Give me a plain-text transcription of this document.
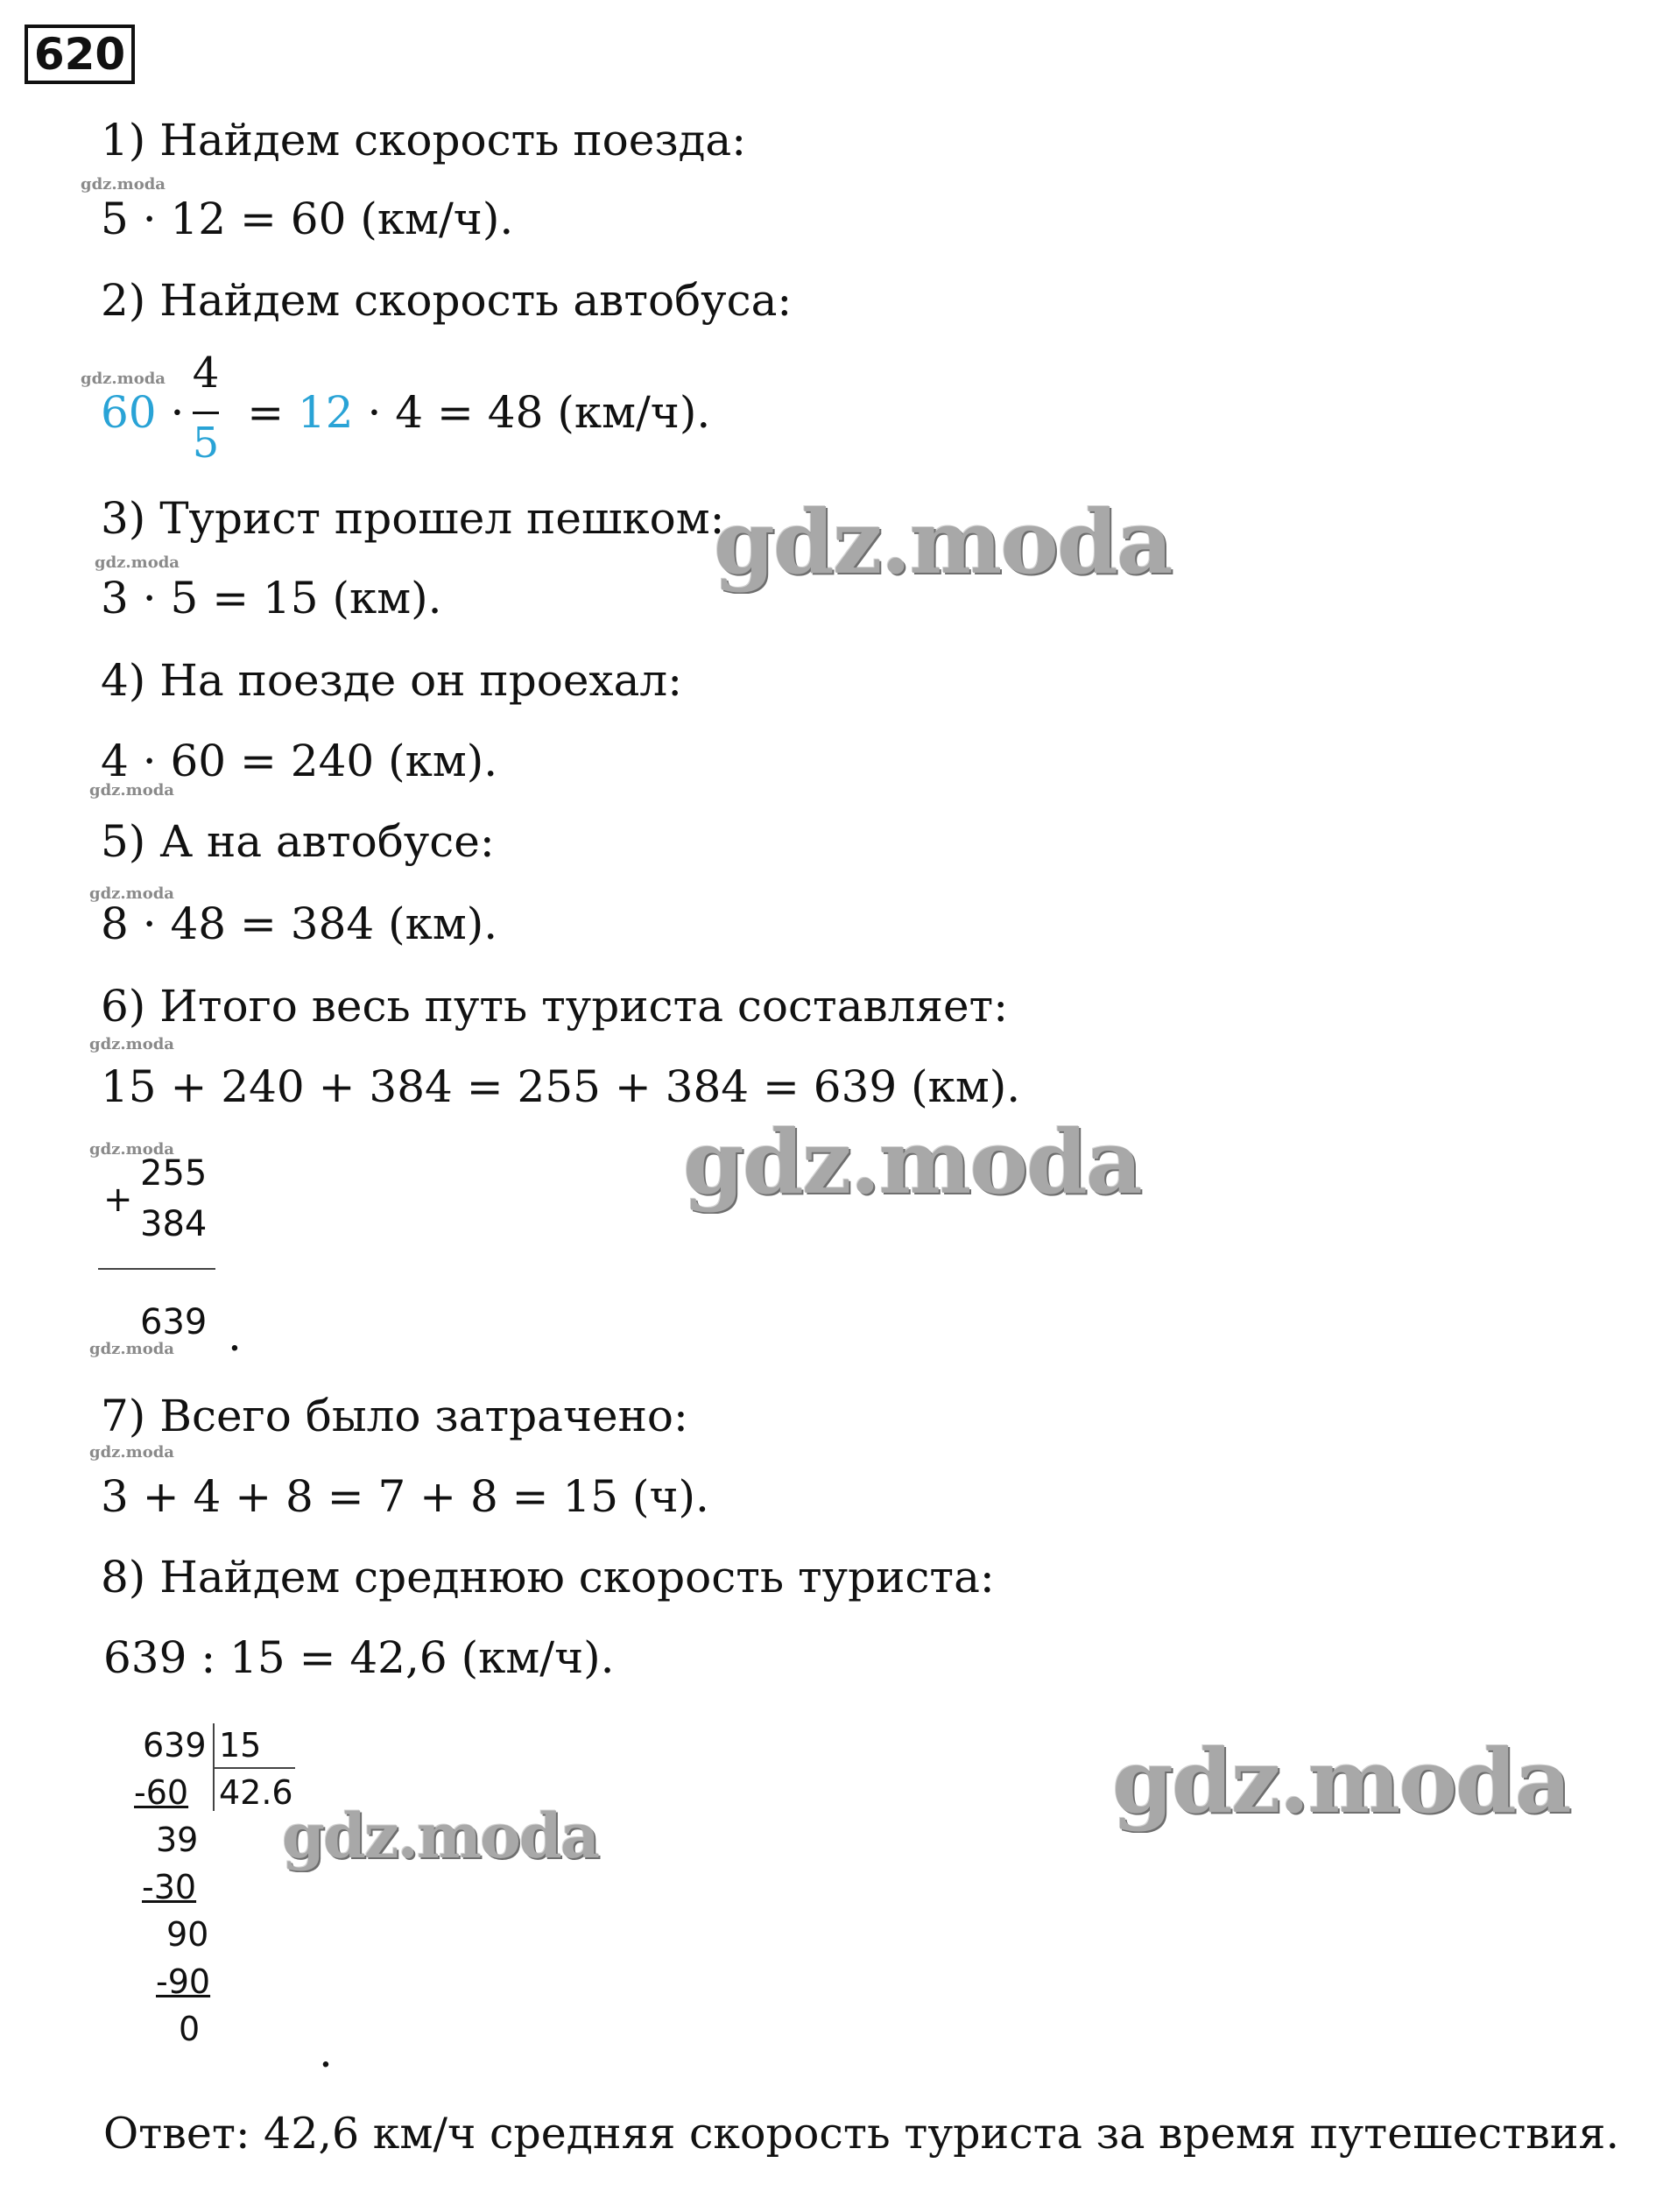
620
1) Найдем скорость поезда:
gdz.moda
5 · 12 = 60 (км/ч).
2) Найдем скорость автобуса:
gdz.moda 4
5
60 ·  = 12 · 4 = 48 (км/ч).
3) Турист прошел пешком:
gdz.moda
3 · 5 = 15 (км).
4) На поезде он проехал:
4 · 60 = 240 (км).
gdz.moda
5) А на автобусе:
gdz.moda
8 · 48 = 384 (км).
6) Итого весь путь туриста составляет:
gdz.moda
15 + 240 + 384 = 255 + 384 = 639 (км).
gdz.moda
255
+
384
639 .
gdz.moda
7) Всего было затрачено:
gdz.moda
3 + 4 + 8 = 7 + 8 = 15 (ч).
8) Найдем среднюю скорость туриста:
639 : 15 = 42,6 (км/ч).
639 15
42.6
-60
39
-30
90
-90
0	.
Ответ: 42,6 км/ч средняя скорость туриста за время путешествия.
gdz.moda
gdz.moda
gdz.moda
gdz.moda
